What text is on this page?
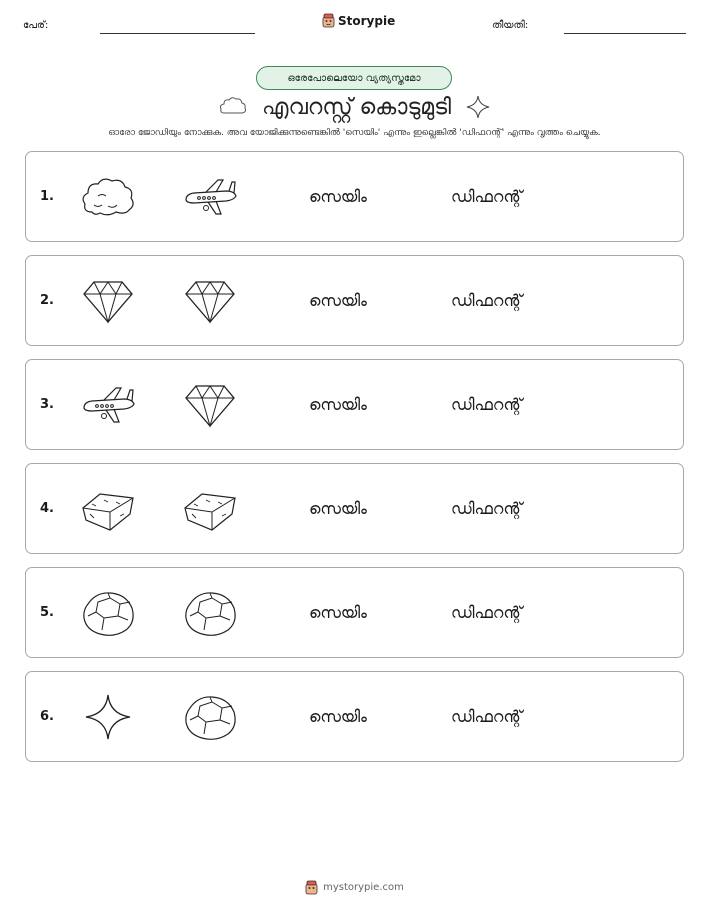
പേര്:	Storypie	തീയതി:
ഒരേപോലെയോ വ്യത്യസ്തമോ
എവറസ്റ്റ് കൊടുമുടി
ഓരോ ജോഡിയും നോക്കുക. അവ യോജിക്കുന്നുണ്ടെങ്കിൽ 'സെയിം' എന്നും ഇല്ലെങ്കിൽ 'ഡിഫറന്റ്' എന്നും വൃത്തം ചെയ്യുക.
1.	സെയിം	ഡിഫറന്റ്
2.	സെയിം	ഡിഫറന്റ്
3.	സെയിം	ഡിഫറന്റ്
4.	സെയിം	ഡിഫറന്റ്
5.	സെയിം	ഡിഫറന്റ്
6.	സെയിം	ഡിഫറന്റ്
mystorypie.com
